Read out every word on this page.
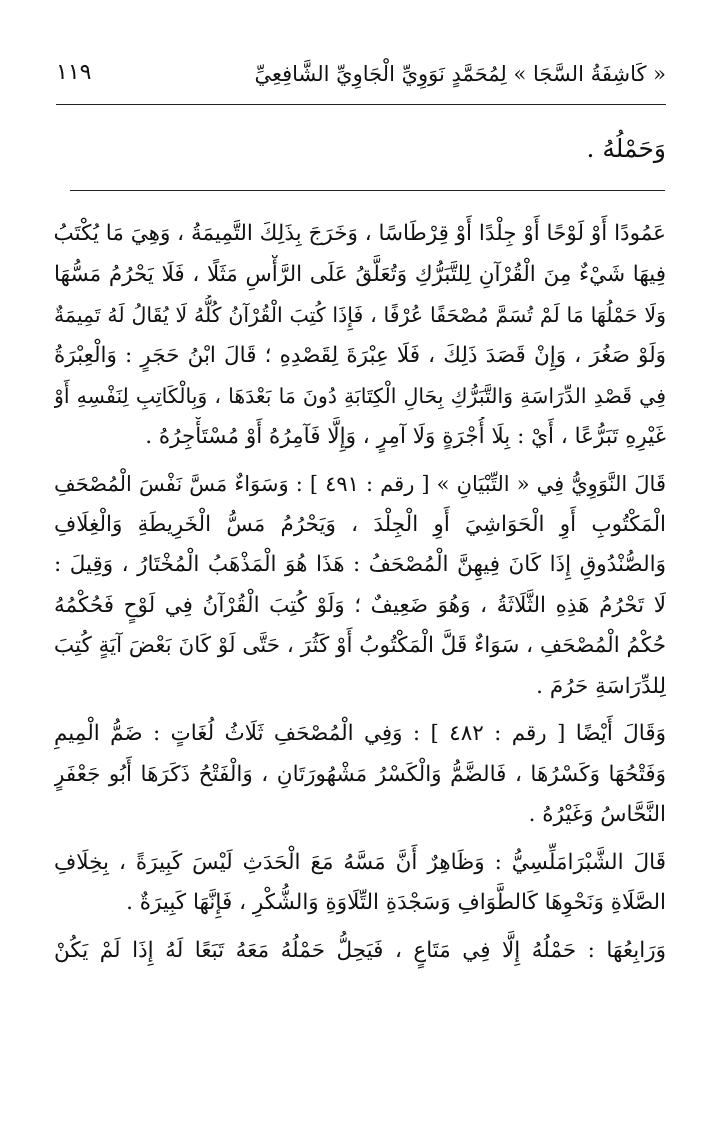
« كَاشِفَةُ السَّجَا » لِمُحَمَّدٍ نَوَوِيِّ الْجَاوِيِّ الشَّافِعِيِّ
١١٩
وَحَمْلُهُ .
عَمُودًا أَوْ لَوْحًا أَوْ جِلْدًا أَوْ قِرْطَاسًا ، وَخَرَجَ بِذَلِكَ التَّمِيمَةُ ، وَهِيَ مَا يُكْتَبُ
فِيهَا شَيْءٌ مِنَ الْقُرْآنِ لِلتَّبَرُّكِ وَتُعَلَّقُ عَلَى الرَّأْسِ مَثَلًا ، فَلَا يَحْرُمُ مَسُّهَا
وَلَا حَمْلُهَا مَا لَمْ تُسَمَّ مُصْحَفًا عُرْفًا ، فَإِذَا كُتِبَ الْقُرْآنُ كُلُّهُ لَا يُقَالُ لَهُ تَمِيمَةٌ
وَلَوْ صَغُرَ ، وَإِنْ قَصَدَ ذَلِكَ ، فَلَا عِبْرَةَ لِقَصْدِهِ ؛ قَالَ ابْنُ حَجَرٍ : وَالْعِبْرَةُ
فِي قَصْدِ الدِّرَاسَةِ وَالتَّبَرُّكِ بِحَالِ الْكِتَابَةِ دُونَ مَا بَعْدَهَا ، وَبِالْكَاتِبِ لِنَفْسِهِ أَوْ
غَيْرِهِ تَبَرُّعًا ، أَيْ : بِلَا أُجْرَةٍ وَلَا آمِرٍ ، وَإِلَّا فَآمِرُهُ أَوْ مُسْتَأْجِرُهُ .
قَالَ النَّوَوِيُّ فِي « التِّبْيَانِ » [ رقم : ٤٩١ ] : وَسَوَاءٌ مَسَّ نَفْسَ الْمُصْحَفِ
الْمَكْتُوبِ أَوِ الْحَوَاشِيَ أَوِ الْجِلْدَ ، وَيَحْرُمُ مَسُّ الْخَرِيطَةِ وَالْغِلَافِ
وَالصُّنْدُوقِ إِذَا كَانَ فِيهِنَّ الْمُصْحَفُ : هَذَا هُوَ الْمَذْهَبُ الْمُخْتَارُ ، وَقِيلَ :
لَا تَحْرُمُ هَذِهِ الثَّلَاثَةُ ، وَهُوَ ضَعِيفٌ ؛ وَلَوْ كُتِبَ الْقُرْآنُ فِي لَوْحٍ فَحُكْمُهُ
حُكْمُ الْمُصْحَفِ ، سَوَاءٌ قَلَّ الْمَكْتُوبُ أَوْ كَثُرَ ، حَتَّى لَوْ كَانَ بَعْضَ آيَةٍ كُتِبَ
لِلدِّرَاسَةِ حَرُمَ .
وَقَالَ أَيْضًا [ رقم : ٤٨٢ ] : وَفِي الْمُصْحَفِ ثَلَاثُ لُغَاتٍ : ضَمُّ الْمِيمِ
وَفَتْحُهَا وَكَسْرُهَا ، فَالضَّمُّ وَالْكَسْرُ مَشْهُورَتَانِ ، وَالْفَتْحُ ذَكَرَهَا أَبُو جَعْفَرٍ
النَّحَّاسُ وَغَيْرُهُ .
قَالَ الشَّبْرَامَلِّسِيُّ : وَظَاهِرٌ أَنَّ مَسَّهُ مَعَ الْحَدَثِ لَيْسَ كَبِيرَةً ، بِخِلَافِ
الصَّلَاةِ وَنَحْوِهَا كَالطَّوَافِ وَسَجْدَةِ التِّلَاوَةِ وَالشُّكْرِ ، فَإِنَّهَا كَبِيرَةٌ .
وَرَابِعُهَا : حَمْلُهُ إِلَّا فِي مَتَاعٍ ، فَيَحِلُّ حَمْلُهُ مَعَهُ تَبَعًا لَهُ إِذَا لَمْ يَكُنْ
